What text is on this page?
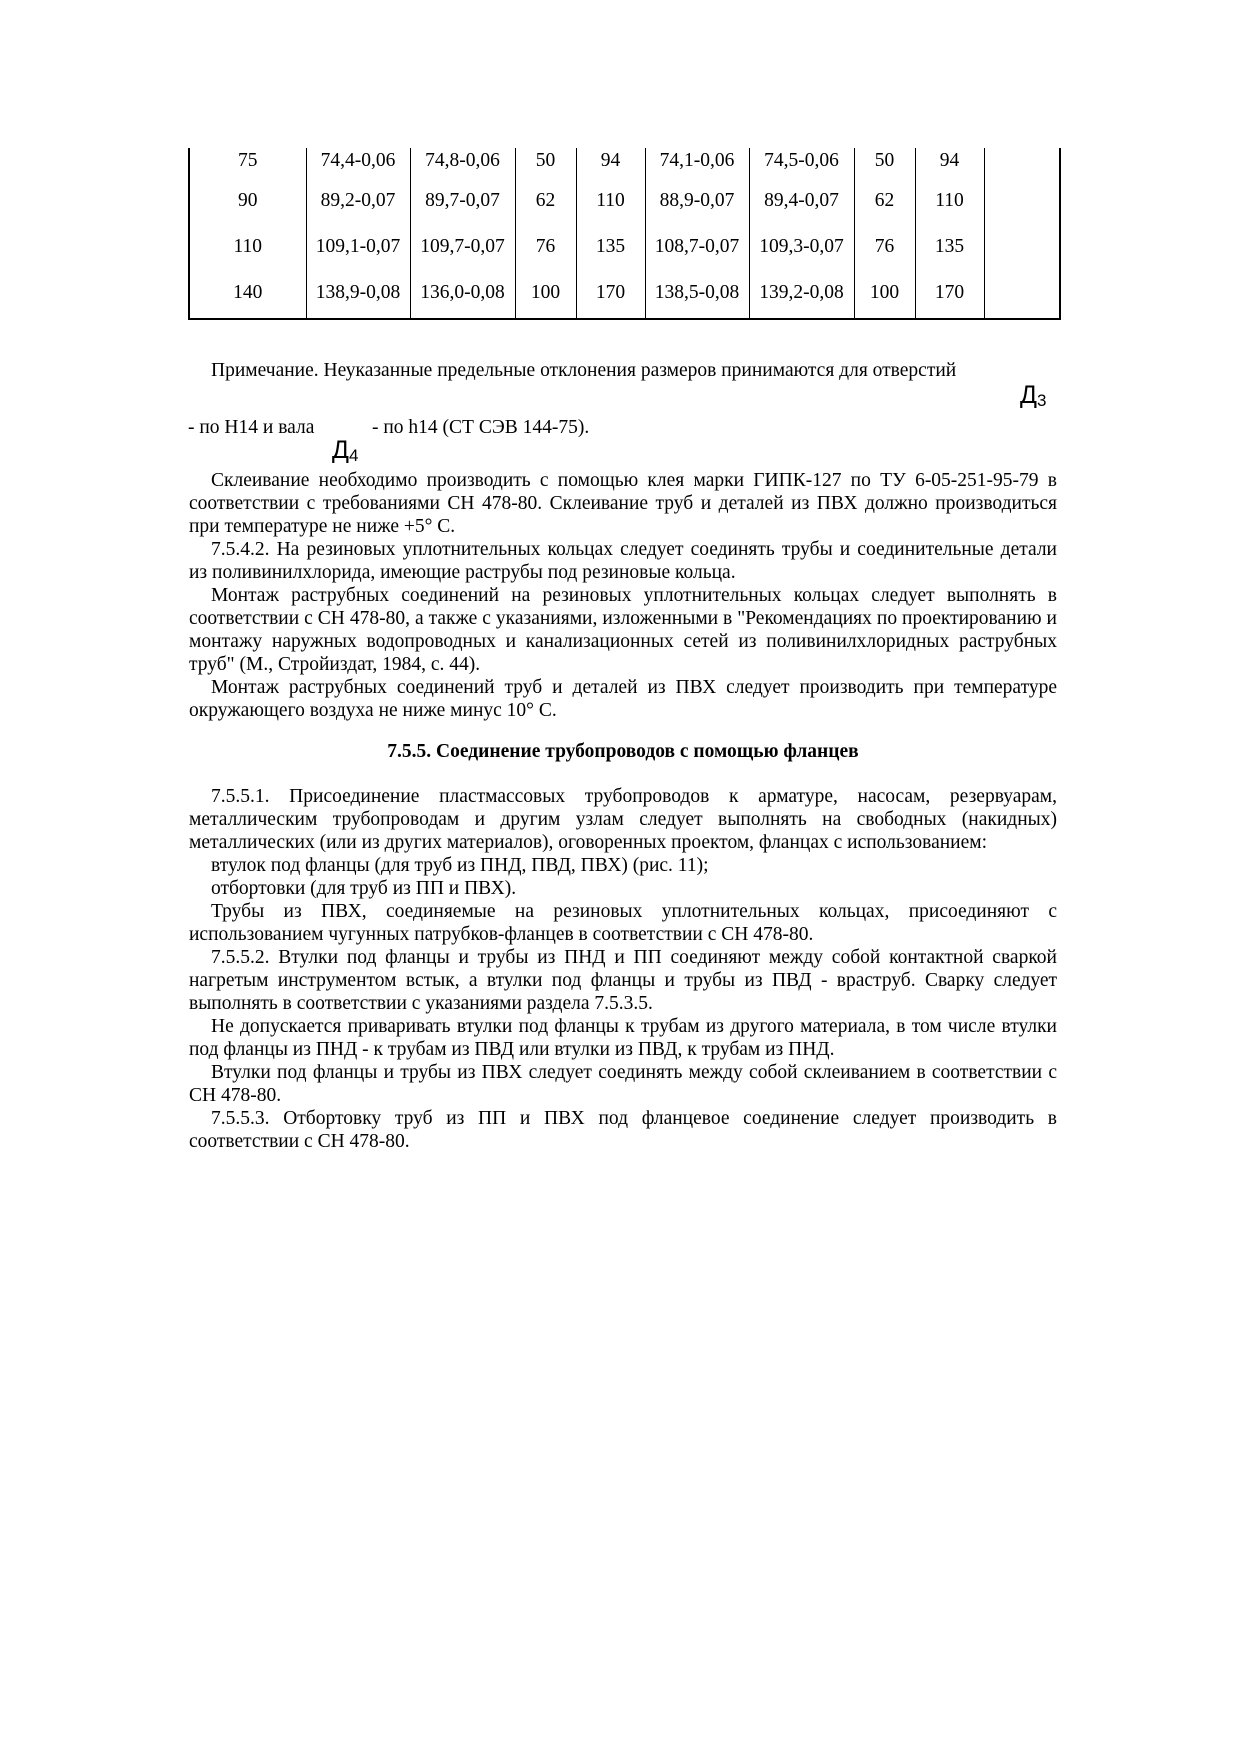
75	74,4-0,06	74,8-0,06	50	94	74,1-0,06	74,5-0,06	50	94	
90	89,2-0,07	89,7-0,07	62	110	88,9-0,07	89,4-0,07	62	110	
110	109,1-0,07	109,7-0,07	76	135	108,7-0,07	109,3-0,07	76	135	
140	138,9-0,08	136,0-0,08	100	170	138,5-0,08	139,2-0,08	100	170	
Примечание. Неуказанные предельные отклонения размеров принимаются для отверстий
$Д_3$
- по Н14 и вала	- по h14 (СТ СЭВ 144-75).
$Д_4$

Склеивание необходимо производить с помощью клея марки ГИПК-127 по ТУ 6-05-251-95-79 в соответствии с требованиями СН 478-80. Склеивание труб и деталей из ПВХ должно производиться при температуре не ниже +5° С.

7.5.4.2. На резиновых уплотнительных кольцах следует соединять трубы и соединительные детали из поливинилхлорида, имеющие раструбы под резиновые кольца.

Монтаж раструбных соединений на резиновых уплотнительных кольцах следует выполнять в соответствии с СН 478-80, а также с указаниями, изложенными в "Рекомендациях по проектированию и монтажу наружных водопроводных и канализационных сетей из поливинилхлоридных раструбных труб" (М., Стройиздат, 1984, с. 44).

Монтаж раструбных соединений труб и деталей из ПВХ следует производить при температуре окружающего воздуха не ниже минус 10° С.

7.5.5. Соединение трубопроводов с помощью фланцев

7.5.5.1. Присоединение пластмассовых трубопроводов к арматуре, насосам, резервуарам, металлическим трубопроводам и другим узлам следует выполнять на свободных (накидных) металлических (или из других материалов), оговоренных проектом, фланцах с использованием:

втулок под фланцы (для труб из ПНД, ПВД, ПВХ) (рис. 11);

отбортовки (для труб из ПП и ПВХ).

Трубы из ПВХ, соединяемые на резиновых уплотнительных кольцах, присоединяют с использованием чугунных патрубков-фланцев в соответствии с СН 478-80.

7.5.5.2. Втулки под фланцы и трубы из ПНД и ПП соединяют между собой контактной сваркой нагретым инструментом встык, а втулки под фланцы и трубы из ПВД - враструб. Сварку следует выполнять в соответствии с указаниями раздела 7.5.3.5.

Не допускается приваривать втулки под фланцы к трубам из другого материала, в том числе втулки под фланцы из ПНД - к трубам из ПВД или втулки из ПВД, к трубам из ПНД.

Втулки под фланцы и трубы из ПВХ следует соединять между собой склеиванием в соответствии с СН 478-80.

7.5.5.3. Отбортовку труб из ПП и ПВХ под фланцевое соединение следует производить в соответствии с СН 478-80.
